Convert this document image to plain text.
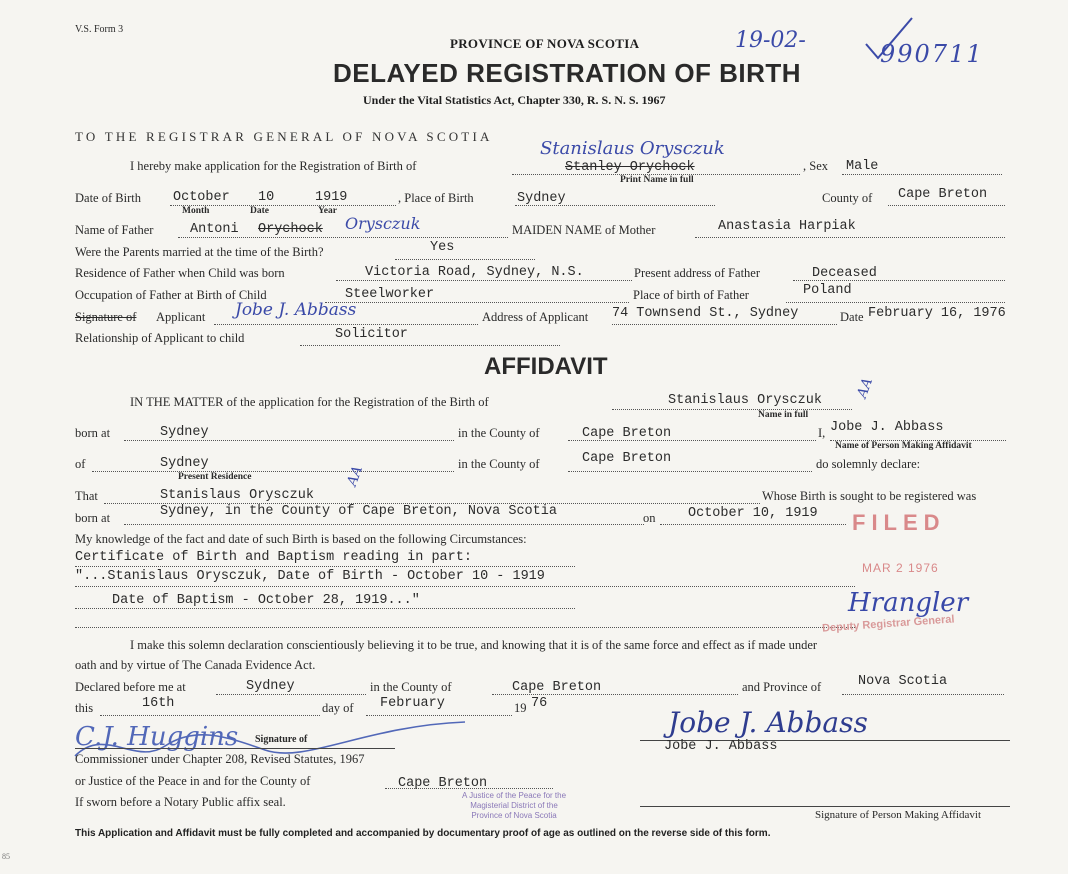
V.S. Form 3
PROVINCE OF NOVA SCOTIA
DELAYED REGISTRATION OF BIRTH
Under the Vital Statistics Act, Chapter 330, R. S. N. S. 1967
19-02-	990711
TO THE REGISTRAR GENERAL OF NOVA SCOTIA
I hereby make application for the Registration of Birth of
Stanislaus Orysczuk
Stanley Orychock
Print Name in full
, Sex Male
Date of Birth October 10	1919
Month	Date	Year
, Place of Birth	Sydney	County of Cape Breton
Name of Father	Antoni Orychock Orysczuk	MAIDEN NAME of Mother	Anastasia Harpiak
Were the Parents married at the time of the Birth?	Yes
Residence of Father when Child was born	Victoria Road, Sydney, N.S.	Present address of Father	Deceased
Occupation of Father at Birth of Child	Steelworker	Place of birth of Father	Poland
Signature of Applicant Jobe J. Abbass	Address of Applicant 74 Townsend St., Sydney	Date February 16, 1976
Relationship of Applicant to child	Solicitor
AFFIDAVIT
IN THE MATTER of the application for the Registration of the Birth of	Stanislaus Orysczuk
AA
Name in full
born at	Sydney	in the County of	Cape Breton	I, Jobe J. Abbass
Name of Person Making Affidavit
of	Sydney
Present Residence
in the County of	Cape Breton	do solemnly declare:
That	Stanislaus Orysczuk
AA
Whose Birth is sought to be registered was
born at	Sydney, in the County of Cape Breton, Nova Scotia	on October 10, 1919
My knowledge of the fact and date of such Birth is based on the following Circumstances:
Certificate of Birth and Baptism reading in part:
"...Stanislaus Orysczuk, Date of Birth - October 10 - 1919
Date of Baptism - October 28, 1919..."
FILED
MAR 2 1976
Hrangler
Deputy Registrar General
I make this solemn declaration conscientiously believing it to be true, and knowing that it is of the same force and effect as if made under
oath and by virtue of The Canada Evidence Act.
Declared before me at	Sydney	in the County of	Cape Breton	and Province of	Nova Scotia
this	16th	day of February	19 76
C.J. Huggins Signature of
Commissioner under Chapter 208, Revised Statutes, 1967
or Justice of the Peace in and for the County of	Cape Breton
If sworn before a Notary Public affix seal.	A Justice of the Peace for the
Magisterial District of the
Province of Nova Scotia
Jobe J. Abbass
Jobe J. Abbass
Signature of Person Making Affidavit
This Application and Affidavit must be fully completed and accompanied by documentary proof of age as outlined on the reverse side of this form.
85
